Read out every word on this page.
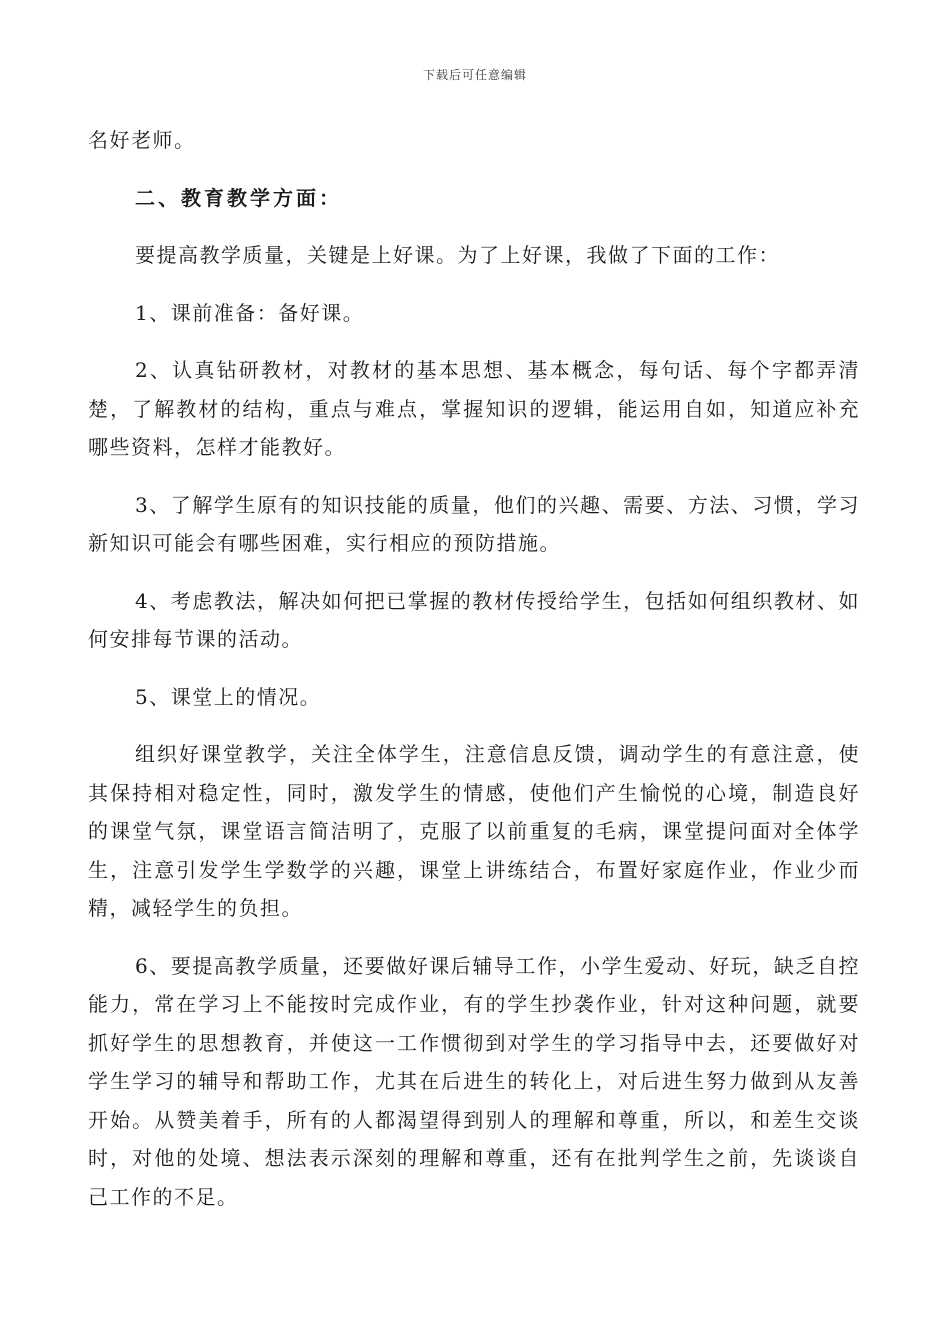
下载后可任意编辑

名好老师。

二、教育教学方面：

要提高教学质量，关键是上好课。为了上好课，我做了下面的工作：

1、课前准备：备好课。

2、认真钻研教材，对教材的基本思想、基本概念，每句话、每个字都弄清楚，了解教材的结构，重点与难点，掌握知识的逻辑，能运用自如，知道应补充哪些资料，怎样才能教好。

3、了解学生原有的知识技能的质量，他们的兴趣、需要、方法、习惯，学习新知识可能会有哪些困难，实行相应的预防措施。

4、考虑教法，解决如何把已掌握的教材传授给学生，包括如何组织教材、如何安排每节课的活动。

5、课堂上的情况。

组织好课堂教学，关注全体学生，注意信息反馈，调动学生的有意注意，使其保持相对稳定性，同时，激发学生的情感，使他们产生愉悦的心境，制造良好的课堂气氛，课堂语言简洁明了，克服了以前重复的毛病，课堂提问面对全体学生，注意引发学生学数学的兴趣，课堂上讲练结合，布置好家庭作业，作业少而精，减轻学生的负担。

6、要提高教学质量，还要做好课后辅导工作，小学生爱动、好玩，缺乏自控能力，常在学习上不能按时完成作业，有的学生抄袭作业，针对这种问题，就要抓好学生的思想教育，并使这一工作惯彻到对学生的学习指导中去，还要做好对学生学习的辅导和帮助工作，尤其在后进生的转化上，对后进生努力做到从友善开始。从赞美着手，所有的人都渴望得到别人的理解和尊重，所以，和差生交谈时，对他的处境、想法表示深刻的理解和尊重，还有在批判学生之前，先谈谈自己工作的不足。
